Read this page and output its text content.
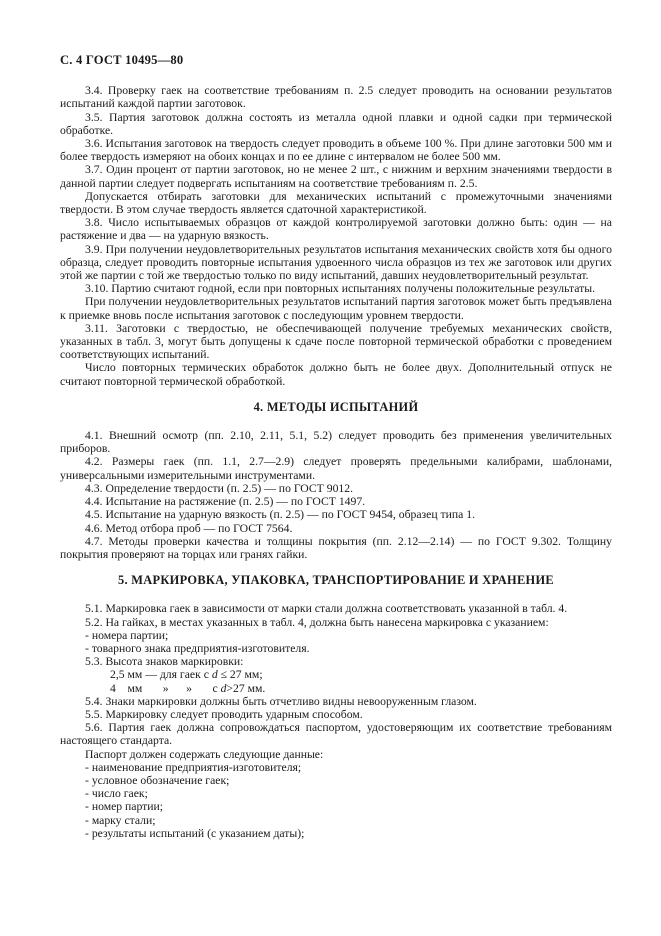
С. 4 ГОСТ 10495—80

3.4. Проверку гаек на соответствие требованиям п. 2.5 следует проводить на основании результатов испытаний каждой партии заготовок.

3.5. Партия заготовок должна состоять из металла одной плавки и одной садки при термической обработке.

3.6. Испытания заготовок на твердость следует проводить в объеме 100 %. При длине заготовки 500 мм и более твердость измеряют на обоих концах и по ее длине с интервалом не более 500 мм.

3.7. Один процент от партии заготовок, но не менее 2 шт., с нижним и верхним значениями твердости в данной партии следует подвергать испытаниям на соответствие требованиям п. 2.5.

Допускается отбирать заготовки для механических испытаний с промежуточными значениями твердости. В этом случае твердость является сдаточной характеристикой.

3.8. Число испытываемых образцов от каждой контролируемой заготовки должно быть: один — на растяжение и два — на ударную вязкость.

3.9. При получении неудовлетворительных результатов испытания механических свойств хотя бы одного образца, следует проводить повторные испытания удвоенного числа образцов из тех же заготовок или других этой же партии с той же твердостью только по виду испытаний, давших неудовлетворительный результат.

3.10. Партию считают годной, если при повторных испытаниях получены положительные результаты.

При получении неудовлетворительных результатов испытаний партия заготовок может быть предъявлена к приемке вновь после испытания заготовок с последующим уровнем твердости.

3.11. Заготовки с твердостью, не обеспечивающей получение требуемых механических свойств, указанных в табл. 3, могут быть допущены к сдаче после повторной термической обработки с проведением соответствующих испытаний.

Число повторных термических обработок должно быть не более двух. Дополнительный отпуск не считают повторной термической обработкой.

4. МЕТОДЫ ИСПЫТАНИЙ

4.1. Внешний осмотр (пп. 2.10, 2.11, 5.1, 5.2) следует проводить без применения увеличительных приборов.

4.2. Размеры гаек (пп. 1.1, 2.7—2.9) следует проверять предельными калибрами, шаблонами, универсальными измерительными инструментами.

4.3. Определение твердости (п. 2.5) — по ГОСТ 9012.

4.4. Испытание на растяжение (п. 2.5) — по ГОСТ 1497.

4.5. Испытание на ударную вязкость (п. 2.5) — по ГОСТ 9454, образец типа 1.

4.6. Метод отбора проб — по ГОСТ 7564.

4.7. Методы проверки качества и толщины покрытия (пп. 2.12—2.14) — по ГОСТ 9.302. Толщину покрытия проверяют на торцах или гранях гайки.

5. МАРКИРОВКА, УПАКОВКА, ТРАНСПОРТИРОВАНИЕ И ХРАНЕНИЕ

5.1. Маркировка гаек в зависимости от марки стали должна соответствовать указанной в табл. 4.

5.2. На гайках, в местах указанных в табл. 4, должна быть нанесена маркировка с указанием:

- номера партии;

- товарного знака предприятия-изготовителя.

5.3. Высота знаков маркировки:

2,5 мм — для гаек с d ≤ 27 мм;

4    мм       »      »       с d>27 мм.

5.4. Знаки маркировки должны быть отчетливо видны невооруженным глазом.

5.5. Маркировку следует проводить ударным способом.

5.6. Партия гаек должна сопровождаться паспортом, удостоверяющим их соответствие требованиям настоящего стандарта.

Паспорт должен содержать следующие данные:

- наименование предприятия-изготовителя;

- условное обозначение гаек;

- число гаек;

- номер партии;

- марку стали;

- результаты испытаний (с указанием даты);
